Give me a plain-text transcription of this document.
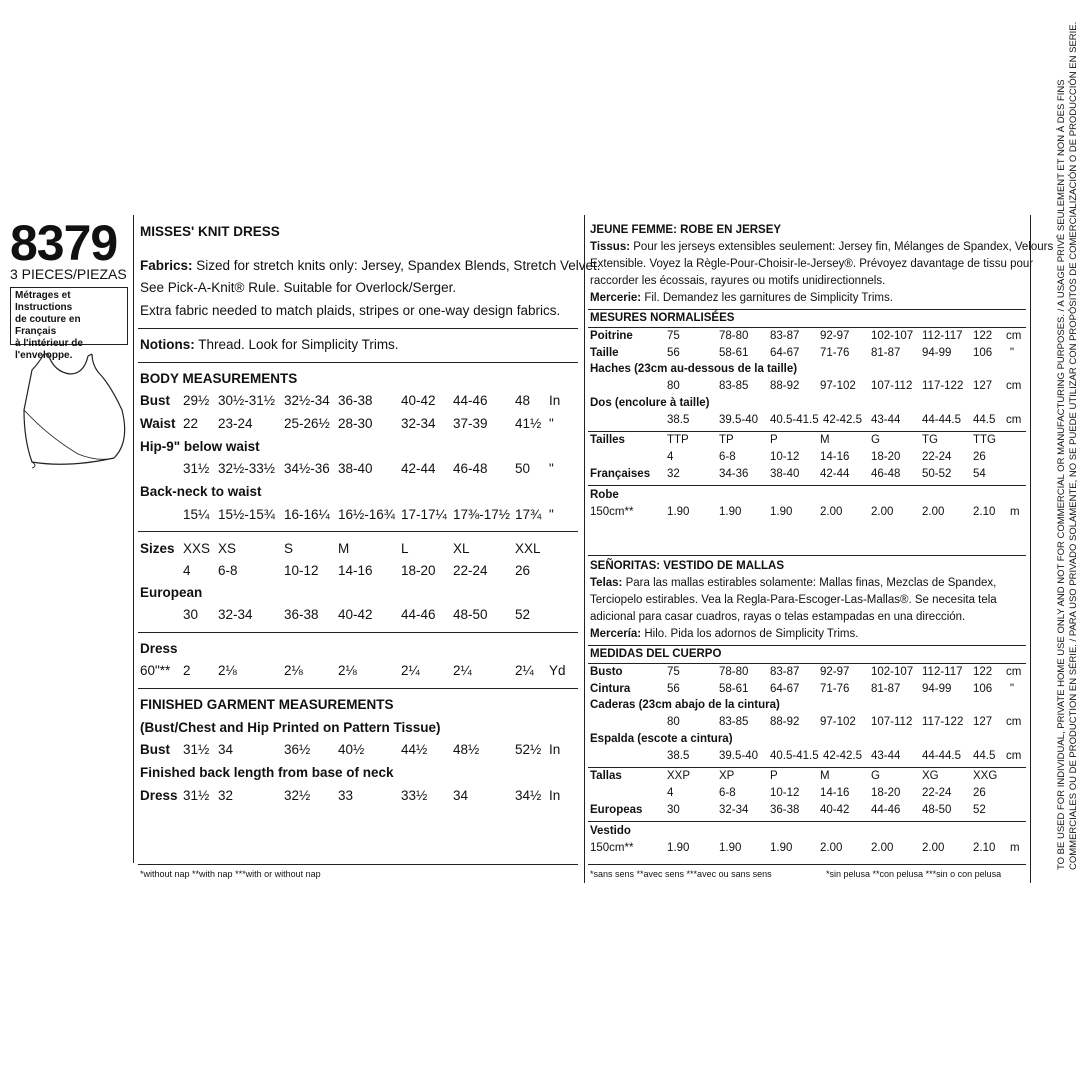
8379
3 PIECES/PIEZAS
Métrages et Instructions
de couture en Français
à l'intérieur de
l'enveloppe.
MISSES' KNIT DRESS
Fabrics: Sized for stretch knits only: Jersey, Spandex Blends, Stretch Velvet.
See Pick-A-Knit® Rule. Suitable for Overlock/Serger.
Extra fabric needed to match plaids, stripes or one-way design fabrics.
Notions: Thread. Look for Simplicity Trims.
BODY MEASUREMENTS
Bust 29½ 30½-31½ 32½-34 36-38 40-42 44-46 48 In
Waist 22 23-24 25-26½ 28-30 32-34 37-39 41½ "
Hip-9" below waist
31½ 32½-33½ 34½-36 38-40 42-44 46-48 50 "
Back-neck to waist
15¼ 15½-15¾ 16-16¼ 16½-16¾ 17-17¼ 17⅜-17½ 17¾ "
Sizes XXS XS	S	M	L	XL	XXL
4 6-8	10-12 14-16 18-20 22-24 26
European
30 32-34 36-38 40-42 44-46 48-50 52
Dress
60"** 2 2⅛	2⅛	2⅛	2¼ 2¼	2¼ Yd
FINISHED GARMENT MEASUREMENTS
(Bust/Chest and Hip Printed on Pattern Tissue)
Bust 31½ 34	36½ 40½	44½ 48½	52½ In
Finished back length from base of neck
Dress 31½ 32	32½ 33	33½ 34	34½ In
*without nap **with nap ***with or without nap
JEUNE FEMME: ROBE EN JERSEY
Tissus: Pour les jerseys extensibles seulement: Jersey fin, Mélanges de Spandex, Velours
Extensible. Voyez la Règle-Pour-Choisir-le-Jersey®. Prévoyez davantage de tissu pour
raccorder les écossais, rayures ou motifs unidirectionnels.
Mercerie: Fil. Demandez les garnitures de Simplicity Trims.
MESURES NORMALISÉES
Poitrine	75	78-80 83-87 92-97 102-107 112-117 122 cm
Taille	56	58-61 64-67 71-76 81-87 94-99 106 "
Haches (23cm au-dessous de la taille)
80	83-85 88-92 97-102 107-112 117-122 127 cm
Dos (encolure à taille)
38.5	39.5-40 40.5-41.5 42-42.5 43-44 44-44.5 44.5 cm
Tailles	TTP	TP	P	M	G	TG	TTG
4	6-8	10-12 14-16 18-20 22-24 26
Françaises 32	34-36 38-40 42-44 46-48 50-52 54
Robe
150cm**	1.90	1.90 1.90 2.00 2.00 2.00 2.10 m
SEÑORITAS: VESTIDO DE MALLAS
Telas: Para las mallas estirables solamente: Mallas finas, Mezclas de Spandex,
Terciopelo estirables. Vea la Regla-Para-Escoger-Las-Mallas®. Se necesita tela
adicional para casar cuadros, rayas o telas estampadas en una dirección.
Mercería: Hilo. Pida los adornos de Simplicity Trims.
MEDIDAS DEL CUERPO
Busto	75	78-80 83-87 92-97 102-107 112-117 122 cm
Cintura	56	58-61 64-67 71-76 81-87 94-99 106 "
Caderas (23cm abajo de la cintura)
80	83-85 88-92 97-102 107-112 117-122 127 cm
Espalda (escote a cintura)
38.5	39.5-40 40.5-41.5 42-42.5 43-44 44-44.5 44.5 cm
Tallas	XXP	XP	P	M	G	XG	XXG
4	6-8	10-12 14-16 18-20 22-24 26
Europeas 30	32-34 36-38 40-42 44-46 48-50 52
Vestido
150cm**	1.90	1.90 1.90 2.00 2.00 2.00 2.10 m
*sans sens **avec sens ***avec ou sans sens	*sin pelusa **con pelusa ***sin o con pelusa
TO BE USED FOR INDIVIDUAL, PRIVATE HOME USE ONLY AND NOT FOR COMMERCIAL OR MANUFACTURING PURPOSES. / A USAGE PRIVÉ SEULEMENT ET NON À DES FINS COMMERCIALES OU DE PRODUCTION EN SÉRIE. / PARA USO PRIVADO SOLAMENTE, NO SE PUEDE UTILIZAR CON PROPÓSITOS DE COMERCIALIZACIÓN O DE PRODUCCIÓN EN SERIE.
